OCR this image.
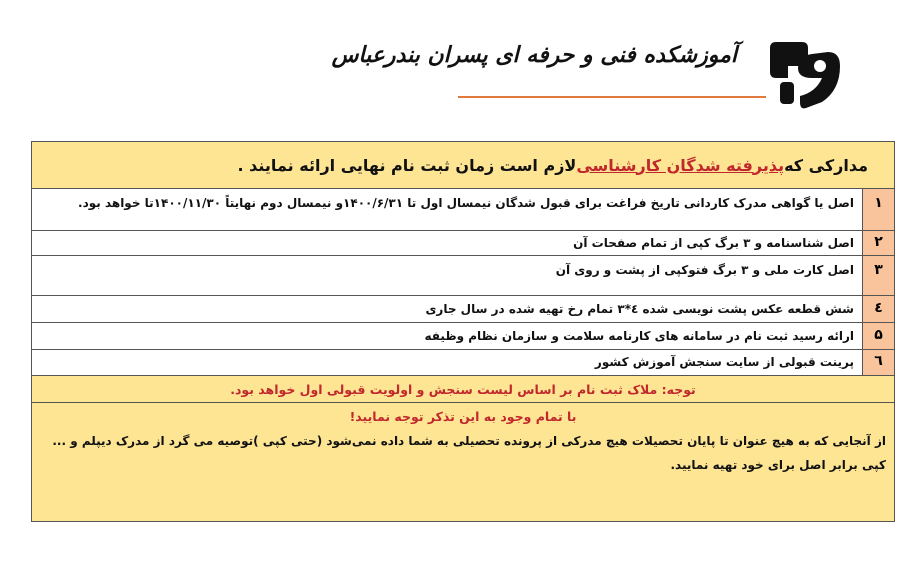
آموزشکده فنی و حرفه ای پسران بندرعباس
مدارکی که
پذیرفته شدگان کارشناسی
لازم است زمان ثبت نام نهایی ارائه نمایند .
۱
اصل یا گواهی مدرک کاردانی تاریخ فراغت برای قبول شدگان نیمسال اول تا ۱۴۰۰/۶/۳۱و نیمسال دوم نهایتاً ۱۴۰۰/۱۱/۳۰تا خواهد بود.
۲
اصل شناسنامه و ۳ برگ کپی از تمام صفحات آن
۳
اصل کارت ملی و ۳ برگ فتوکپی از پشت و روی آن
٤
شش قطعه عکس پشت نویسی شده ٤*۳ تمام رخ تهیه شده در سال جاری
۵
ارائه رسید ثبت نام در سامانه های کارنامه سلامت و سازمان نظام وظیفه
٦
پرینت قبولی از سایت سنجش آموزش کشور
توجه: ملاک ثبت نام بر اساس لیست سنجش و اولویت قبولی اول خواهد بود.
با تمام وجود به این تذکر توجه نمایید!
از آنجایی که به هیچ عنوان تا پایان تحصیلات هیچ مدرکی از پرونده تحصیلی به شما داده نمی‌شود (حتی کپی )توصیه می گرد از مدرک دیپلم و ... کپی برابر اصل برای خود تهیه نمایید.
